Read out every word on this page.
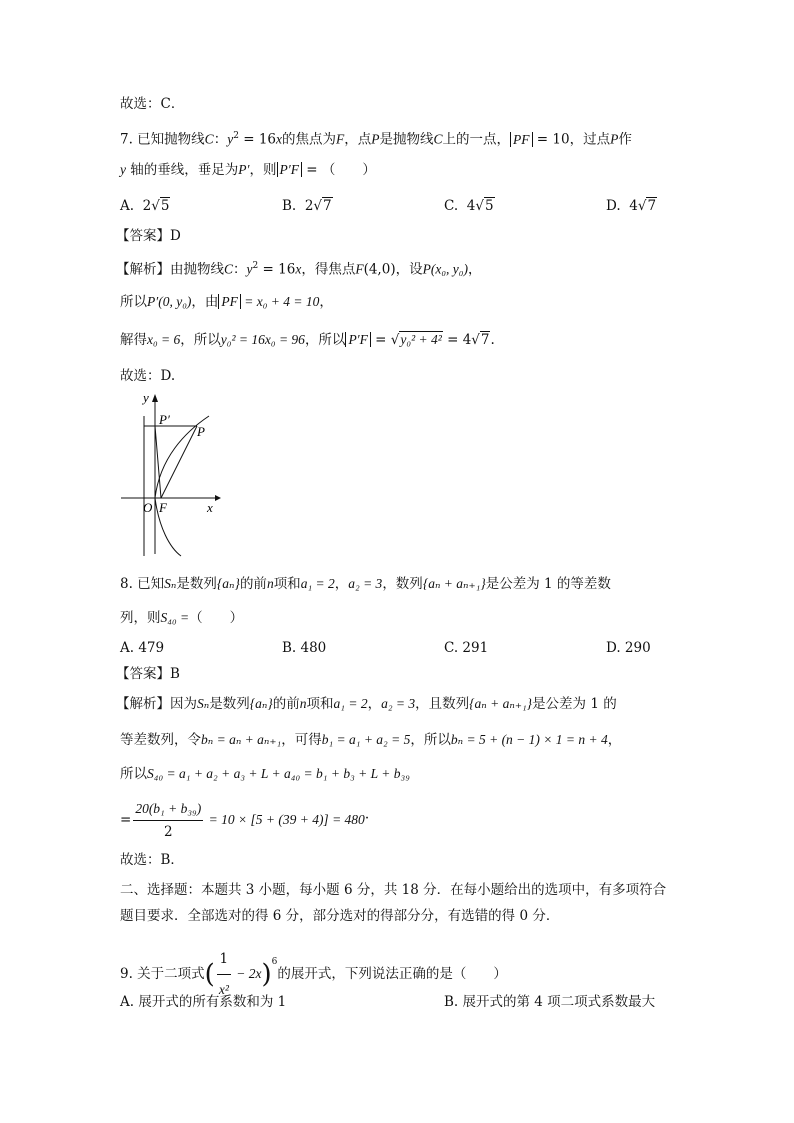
故选：C．
7. 已知抛物线C：$y^2 = 16x$的焦点为F，点P是抛物线C上的一点， PF = 10，过点P作
y 轴的垂线，垂足为P′，则 P′F = （　　）
A. 2√5	B. 2√7	C. 4√5	D. 4√7
【答案】D
【解析】由抛物线C：$y^2 = 16x$，得焦点F(4,0)，设P(x₀, y₀)，
所以P′(0, y₀)，由 PF = x₀ + 4 = 10，
解得x₀ = 6，所以y₀² = 16x₀ = 96，所以 P′F = √y₀² + 4² = 4√7.
故选：D.
y
P′
P
O F	x
8. 已知Sₙ是数列{aₙ}的前n项和a₁ = 2，a₂ = 3，数列{aₙ + aₙ₊₁}是公差为 1 的等差数
列，则S₄₀ =（　　）
A. 479	B. 480	C. 291	D. 290
【答案】B
【解析】因为Sₙ是数列{aₙ}的前n项和a₁ = 2，a₂ = 3，且数列{aₙ + aₙ₊₁}是公差为 1 的
等差数列，令bₙ = aₙ + aₙ₊₁，可得b₁ = a₁ + a₂ = 5，所以bₙ = 5 + (n − 1) × 1 = n + 4，
所以S₄₀ = a₁ + a₂ + a₃ + L + a₄₀ = b₁ + b₃ + L + b₃₉
= $\frac{\text{20(b₁ + b₃₉)}}{2} = 10 \times [5 + (39 + 4)] = 480$.
故选：B．
二、选择题：本题共 3 小题，每小题 6 分，共 18 分．在每小题给出的选项中，有多项符合
题目要求．全部选对的得 6 分，部分选对的得部分分，有选错的得 0 分．
9. 关于二项式( $\frac{1}{\text{x²}} - 2x)^6$的展开式，下列说法正确的是（　　）
A. 展开式的所有系数和为 1	B. 展开式的第 4 项二项式系数最大
